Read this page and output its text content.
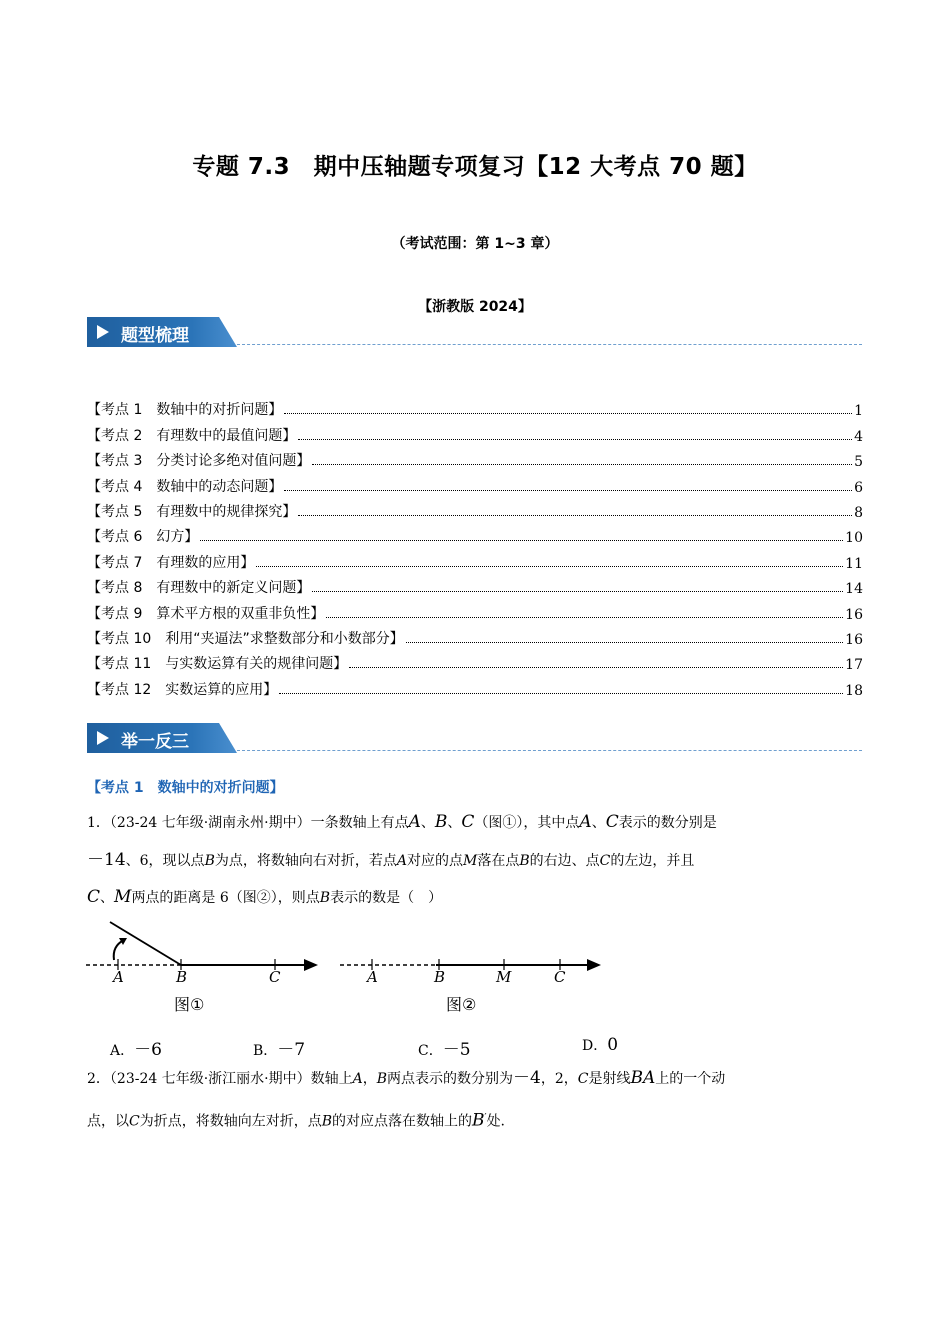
专题 7.3　期中压轴题专项复习【12 大考点 70 题】
（考试范围：第 1~3 章）
【浙教版 2024】
题型梳理
【考点 1　数轴中的对折问题】	1
【考点 2　有理数中的最值问题】	4
【考点 3　分类讨论多绝对值问题】	5
【考点 4　数轴中的动态问题】	6
【考点 5　有理数中的规律探究】	8
【考点 6　幻方】	10
【考点 7　有理数的应用】	11
【考点 8　有理数中的新定义问题】	14
【考点 9　算术平方根的双重非负性】	16
【考点 10　利用“夹逼法”求整数部分和小数部分】	16
【考点 11　与实数运算有关的规律问题】	17
【考点 12　实数运算的应用】	18
举一反三
【考点 1　数轴中的对折问题】
1．（23-24 七年级·湖南永州·期中）一条数轴上有点A、B、C（图①），其中点A、C表示的数分别是
－14、6，现以点B为点，将数轴向右对折，若点A对应的点M落在点B的右边、点C的左边，并且
C、M两点的距离是 6（图②），则点B表示的数是（　）
A	B	C	A	B	M	C
图①	图②
A．－6	B．－7	C．－5	D．0
2．（23-24 七年级·浙江丽水·期中）数轴上A，B两点表示的数分别为－4，2，C是射线BA上的一个动
点，以C为折点，将数轴向左对折，点B的对应点落在数轴上的B′处.
